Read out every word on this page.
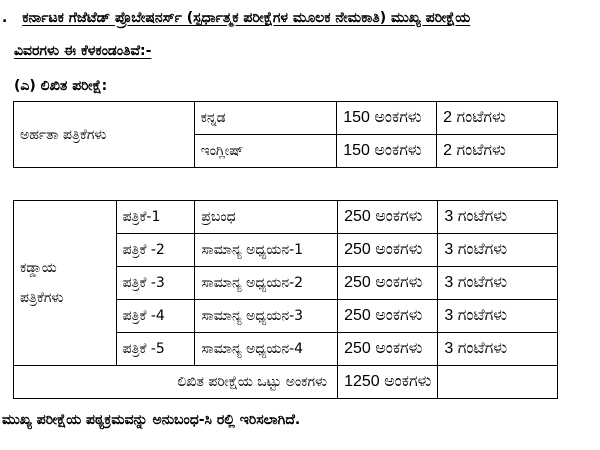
. ಕರ್ನಾಟಕ ಗೆಜೆಟೆಡ್ ಪ್ರೊಬೇಷನರ್ಸ್ (ಸ್ಪರ್ಧಾತ್ಮಕ ಪರೀಕ್ಷೆಗಳ ಮೂಲಕ ನೇಮಕಾತಿ) ಮುಖ್ಯ ಪರೀಕ್ಷೆಯ
ವಿವರಗಳು ಈ ಕೆಳಕಂಡಂತಿವೆ:-
(ಎ) ಲಿಖಿತ ಪರೀಕ್ಷೆ:
ಅರ್ಹತಾ ಪತ್ರಿಕೆಗಳು	ಕನ್ನಡ	150 ಅಂಕಗಳು	2 ಗಂಟೆಗಳು
	ಇಂಗ್ಲೀಷ್	150 ಅಂಕಗಳು	2 ಗಂಟೆಗಳು
ಕಡ್ಡಾಯ
ಪತ್ರಿಕೆಗಳು	ಪತ್ರಿಕೆ-1	ಪ್ರಬಂಧ	250 ಅಂಕಗಳು	3 ಗಂಟೆಗಳು
	ಪತ್ರಿಕೆ -2	ಸಾಮಾನ್ಯ ಅಧ್ಯಯನ-1	250 ಅಂಕಗಳು	3 ಗಂಟೆಗಳು
	ಪತ್ರಿಕೆ -3	ಸಾಮಾನ್ಯ ಅಧ್ಯಯನ-2	250 ಅಂಕಗಳು	3 ಗಂಟೆಗಳು
	ಪತ್ರಿಕೆ -4	ಸಾಮಾನ್ಯ ಅಧ್ಯಯನ-3	250 ಅಂಕಗಳು	3 ಗಂಟೆಗಳು
	ಪತ್ರಿಕೆ -5	ಸಾಮಾನ್ಯ ಅಧ್ಯಯನ-4	250 ಅಂಕಗಳು	3 ಗಂಟೆಗಳು
ಲಿಖಿತ ಪರೀಕ್ಷೆಯ ಒಟ್ಟು ಅಂಕಗಳು			1250 ಅಂಕಗಳು	
ಮುಖ್ಯ ಪರೀಕ್ಷೆಯ ಪಠ್ಯಕ್ರಮವನ್ನು ಅನುಬಂಧ-ಸಿ ರಲ್ಲಿ ಇರಿಸಲಾಗಿದೆ.
